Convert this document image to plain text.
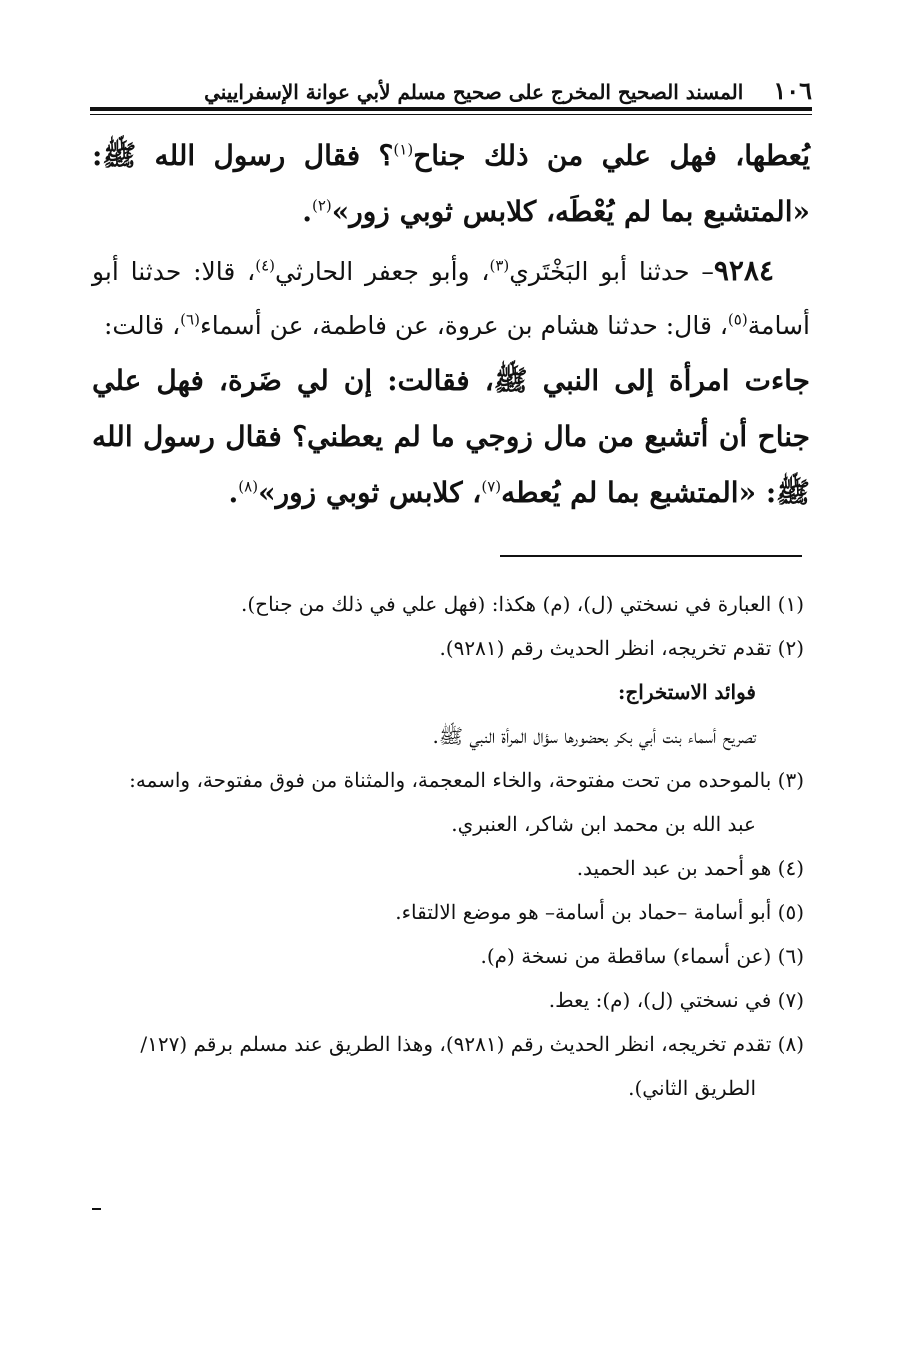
١٠٦
المسند الصحيح المخرج على صحيح مسلم لأبي عوانة الإسفراييني

يُعطها، فهل علي من ذلك جناح$^{(١)}$؟ فقال رسول الله ﷺ: «المتشبع بما لم يُعْطَه، كلابس ثوبي زور»$^{(٢)}$.

٩٢٨٤– حدثنا أبو البَخْتَري$^{(٣)}$، وأبو جعفر الحارثي$^{(٤)}$، قالا: حدثنا أبو أسامة$^{(٥)}$، قال: حدثنا هشام بن عروة، عن فاطمة، عن أسماء$^{(٦)}$، قالت:

جاءت امرأة إلى النبي ﷺ، فقالت: إن لي ضَرة، فهل علي جناح أن أتشبع من مال زوجي ما لم يعطني؟ فقال رسول الله ﷺ: «المتشبع بما لم يُعطه$^{(٧)}$، كلابس ثوبي زور»$^{(٨)}$.

(١) العبارة في نسختي (ل)، (م) هكذا: (فهل علي في ذلك من جناح).

(٢) تقدم تخريجه، انظر الحديث رقم (٩٢٨١).

فوائد الاستخراج:

تصريح أسماء بنت أبي بكر بحضورها سؤال المرأة النبي ﷺ.

(٣) بالموحده من تحت مفتوحة، والخاء المعجمة، والمثناة من فوق مفتوحة، واسمه:

عبد الله بن محمد ابن شاكر، العنبري.

(٤) هو أحمد بن عبد الحميد.

(٥) أبو أسامة –حماد بن أسامة– هو موضع الالتقاء.

(٦) (عن أسماء) ساقطة من نسخة (م).

(٧) في نسختي (ل)، (م): يعط.

(٨) تقدم تخريجه، انظر الحديث رقم (٩٢٨١)، وهذا الطريق عند مسلم برقم (١٢٧/

الطريق الثاني).
